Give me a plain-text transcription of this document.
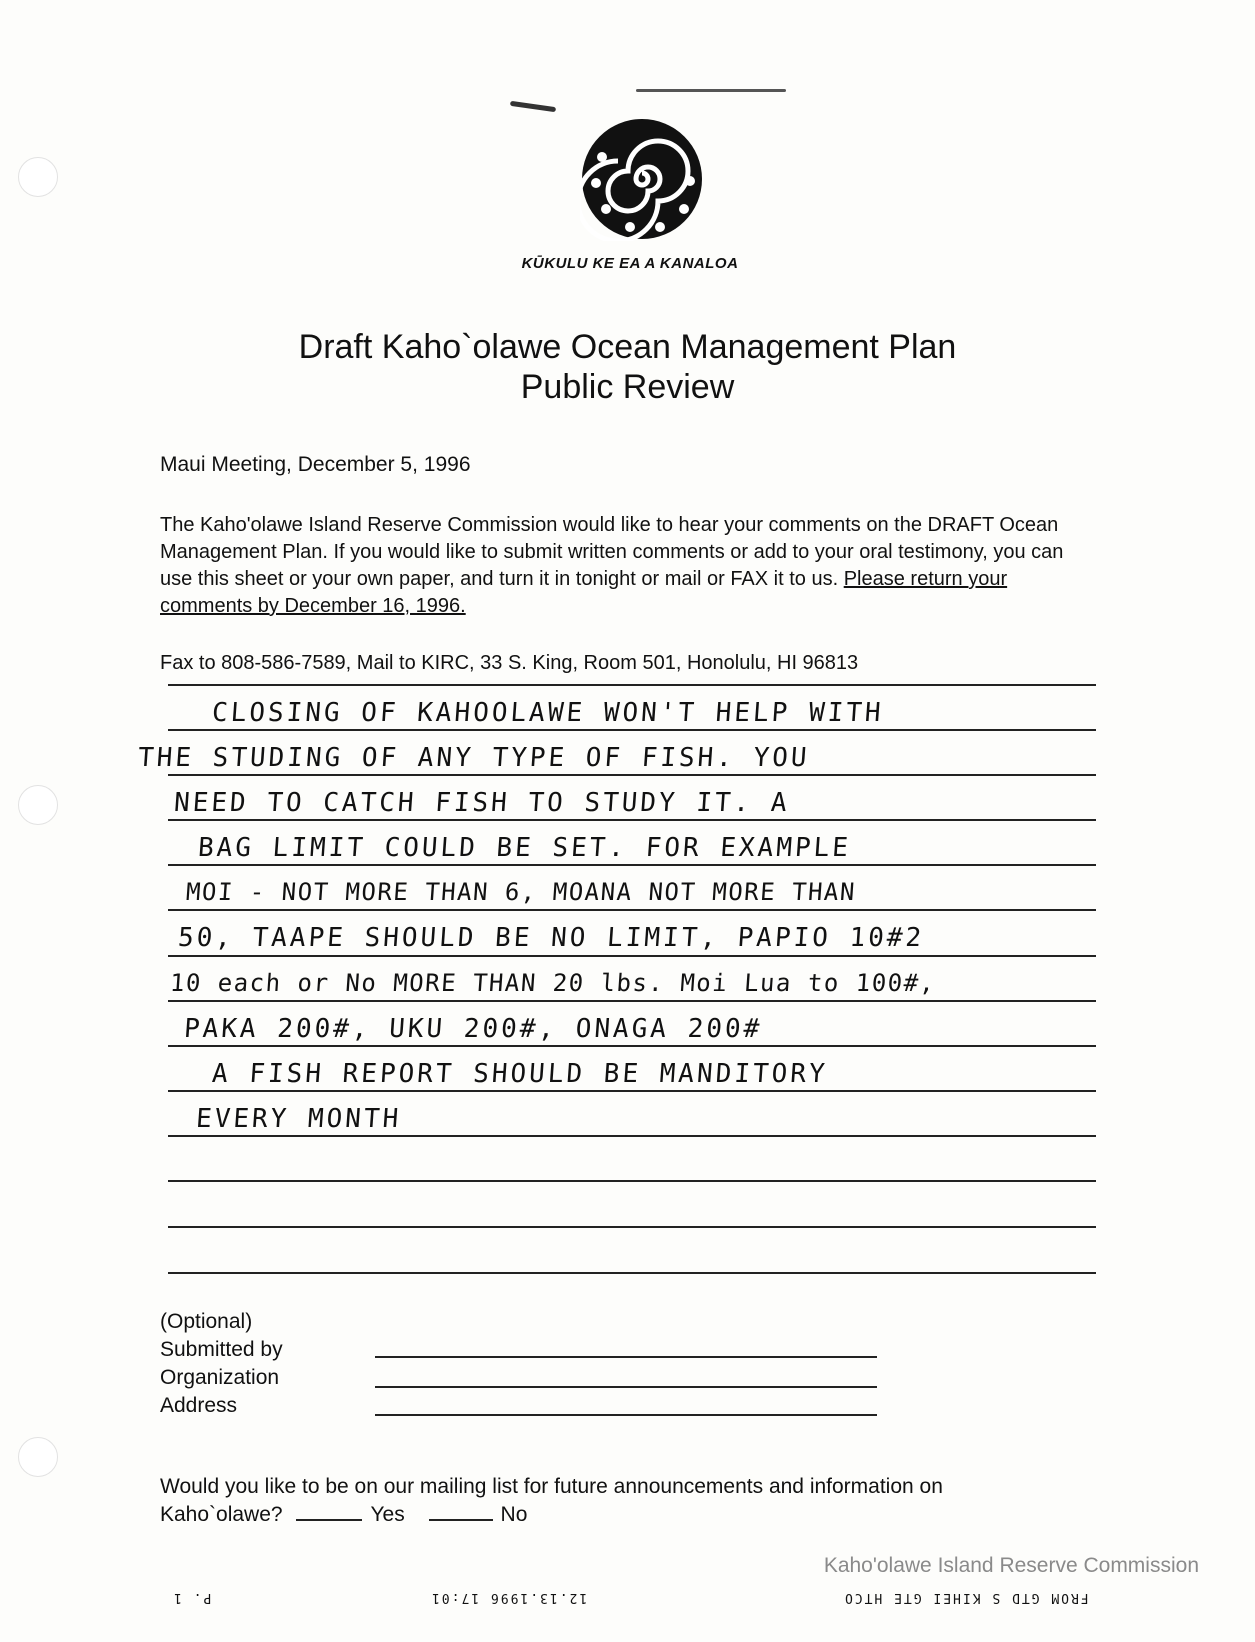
KŪKULU KE EA A KANALOA
Draft Kaho`olawe Ocean Management Plan
Public Review
Maui Meeting, December 5, 1996
The Kaho'olawe Island Reserve Commission would like to hear your comments on the DRAFT Ocean Management Plan. If you would like to submit written comments or add to your oral testimony, you can use this sheet or your own paper, and turn it in tonight or mail or FAX it to us. Please return your comments by December 16, 1996.
Fax to 808-586-7589, Mail to KIRC, 33 S. King, Room 501, Honolulu, HI 96813
CLOSING OF KAHOOLAWE WON'T HELP WITH
THE STUDING OF ANY TYPE OF FISH. YOU
NEED TO CATCH FISH TO STUDY IT. A
BAG LIMIT COULD BE SET. FOR EXAMPLE
MOI - NOT MORE THAN 6, MOANA NOT MORE THAN
50, TAAPE SHOULD BE NO LIMIT, PAPIO 10#2
10 each or No MORE THAN 20 lbs. Moi Lua to 100#,
PAKA 200#, UKU 200#, ONAGA 200#
A FISH REPORT SHOULD BE MANDITORY
EVERY MONTH
(Optional)
Submitted by
Organization
Address
Would you like to be on our mailing list for future announcements and information on
Kaho`olawe?	Yes	No
Kaho'olawe Island Reserve Commission
P. 1	12.13.1996 17:01	FROM GTD S KIHEI GTE HTCO
